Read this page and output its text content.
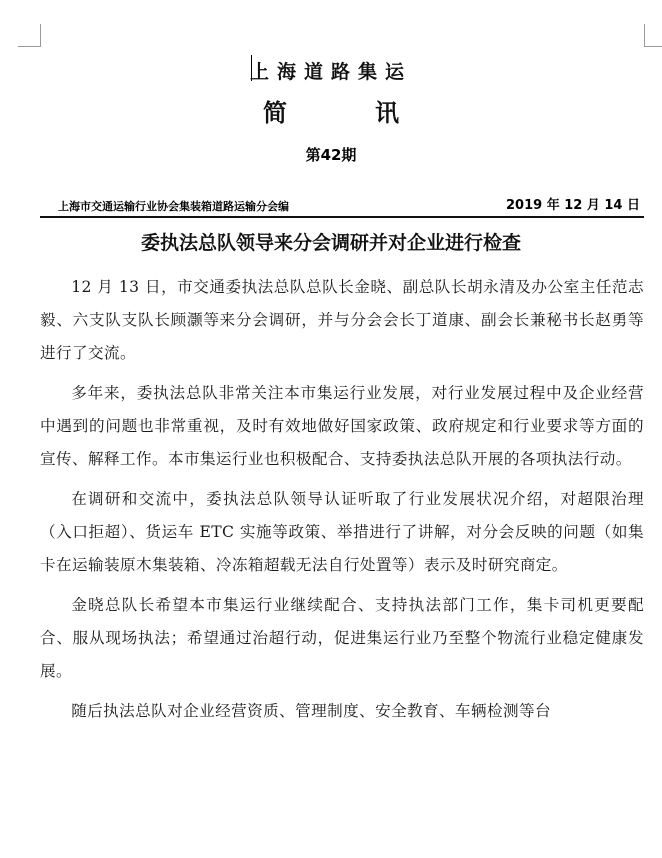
上海道路集运
简	讯
第42期
上海市交通运输行业协会集装箱道路运输分会编	2019 年 12 月 14 日
委执法总队领导来分会调研并对企业进行检查

12 月 13 日，市交通委执法总队总队长金晓、副总队长胡永清及办公室主任范志毅、六支队支队长顾灏等来分会调研，并与分会会长丁道康、副会长兼秘书长赵勇等进行了交流。

多年来，委执法总队非常关注本市集运行业发展，对行业发展过程中及企业经营中遇到的问题也非常重视，及时有效地做好国家政策、政府规定和行业要求等方面的宣传、解释工作。本市集运行业也积极配合、支持委执法总队开展的各项执法行动。

在调研和交流中，委执法总队领导认证听取了行业发展状况介绍，对超限治理（入口拒超）、货运车 ETC 实施等政策、举措进行了讲解，对分会反映的问题（如集卡在运输装原木集装箱、冷冻箱超载无法自行处置等）表示及时研究商定。

金晓总队长希望本市集运行业继续配合、支持执法部门工作，集卡司机更要配合、服从现场执法；希望通过治超行动，促进集运行业乃至整个物流行业稳定健康发展。

随后执法总队对企业经营资质、管理制度、安全教育、车辆检测等台
